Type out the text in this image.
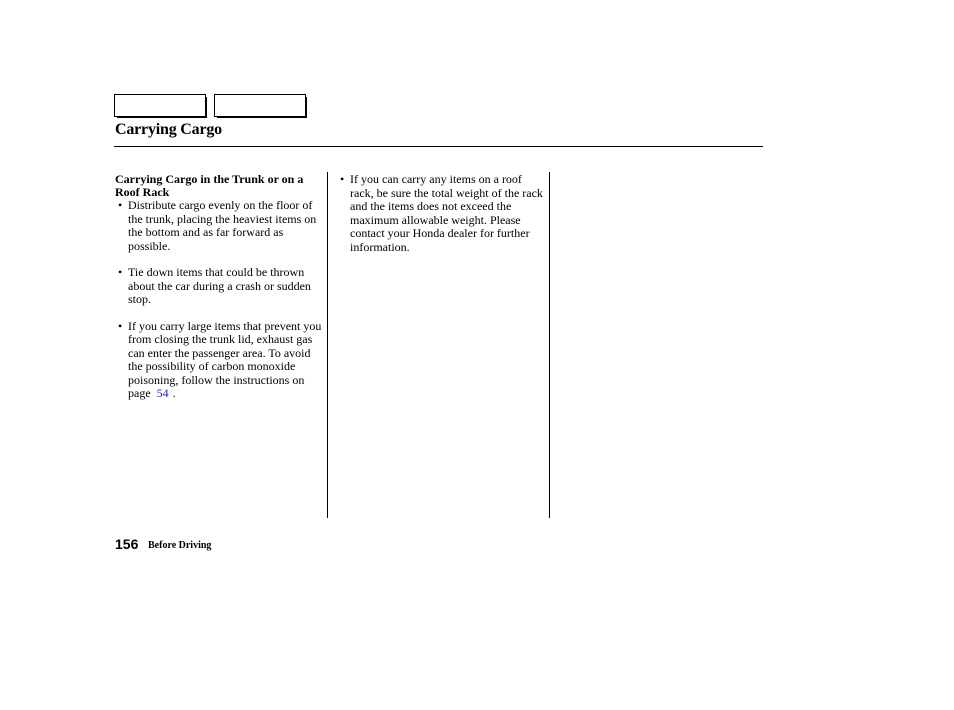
Carrying Cargo

Carrying Cargo in the Trunk or on a Roof Rack

• Distribute cargo evenly on the floor of the trunk, placing the heaviest items on the bottom and as far forward as possible.
• Tie down items that could be thrown about the car during a crash or sudden stop.
• If you carry large items that prevent you from closing the trunk lid, exhaust gas can enter the passenger area. To avoid the possibility of carbon monoxide poisoning, follow the instructions on page 54 .
• If you can carry any items on a roof rack, be sure the total weight of the rack and the items does not exceed the maximum allowable weight. Please contact your Honda dealer for further information.
156 Before Driving
